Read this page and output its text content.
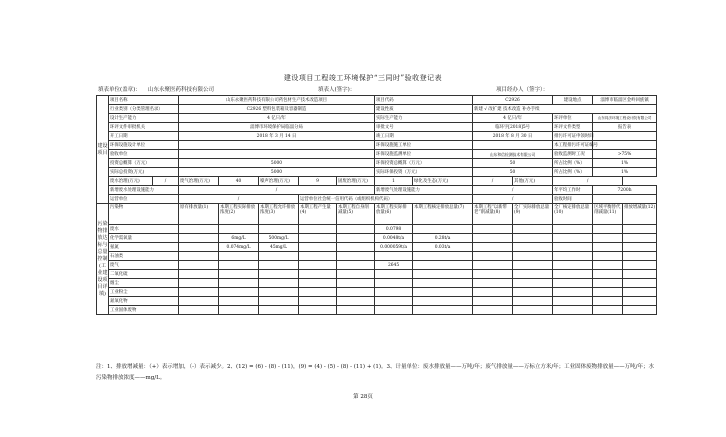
建设项目工程竣工环境保护“三同时”验收登记表
填表单位(盖章)： 山东永聚医药科技有限公司	填表人(签字)：	项目经办人（签字）：
建设项目	项目名称		山东永聚医药科技有限公司药包材生产技术改造项目					项目代码		C2926		建设地点	淄博市临淄区金岭回族镇	
	行业类别（分类管理名录）		C2926 塑料包装箱及容器制造					建设性质		新建 √ 改扩建 技术改造 补办手续				
	设计生产能力		4 亿只/年					实际生产能力		4 亿只/年		环评单位	山东同济环境工程设计院有限公司	
	环评文件审批机关		淄博市环境保护局临淄分局					审批文号		临环字[2018]5号		环评文件类型	报告表	
	开工日期		2018 年 3 月 14 日					竣工日期		2018 年 8 月 30 日		排污许可证申领时间		
	环保设施设计单位							环保设施施工单位				本工程排污许可证编号		
	验收单位							环保设施监测单位		山东和信检测技术有限公司		验收监测时工况	>75%	
	投资总概算（万元）		5000					环保投资总概算（万元）		50		所占比例（%）	1%	
	实际总投资(万元)		5000					实际环保投资（万元）		50		所占比例（%）	1%	
	废水治理(万元)	/	废气治理(万元)	40	噪声治理(万元)	9	固废治理(万元)	1	绿化及生态(万元)	/	其他(万元)	/		
	新增废水处理设施能力		/					新增废气处理设施能力		/		年平均工作时	7200h	
	运营单位		/			运营单位社会统一信用代码（或组织机构代码）				/		验收时间		
污染物排放达标与总量控制(工业建设项目详填)	污染物		原有排放量(1)	本期工程实际排放浓度(2)	本期工程允许排放浓度(3)	本期工程产生量(4)	本期工程自身削减量(5)	本期工程实际排放量(6)	本期工程核定排放总量(7)	本期工程“以新带老”削减量(8)	全厂实际排放总量(9)	全厂核定排放总量(10)	区域平衡替代削减量(11)	排放增减量(12)
	废水							0.0798						
	化学需氧量			6mg/L	500mg/L			0.0048t/a	0.28t/a					
	氨氮			0.074mg/L	45mg/L			0.000059t/a	0.03t/a					
	石油类													
	废气							2645						
	二氧化硫													
	烟尘													
	工业粉尘													
	氮氧化物													
	工业固体废物													
注：1、排放增减量：（+）表示增加，（-）表示减少。2、(12) = (6) - (8) - (11)，(9) = (4) - (5) - (8) - (11) + (1)。3、计量单位：废水排放量——万吨/年；废气排放量——万标立方米/年；工业固体废物排放量——万吨/年；水污染物排放浓度——mg/L。
第 28页
